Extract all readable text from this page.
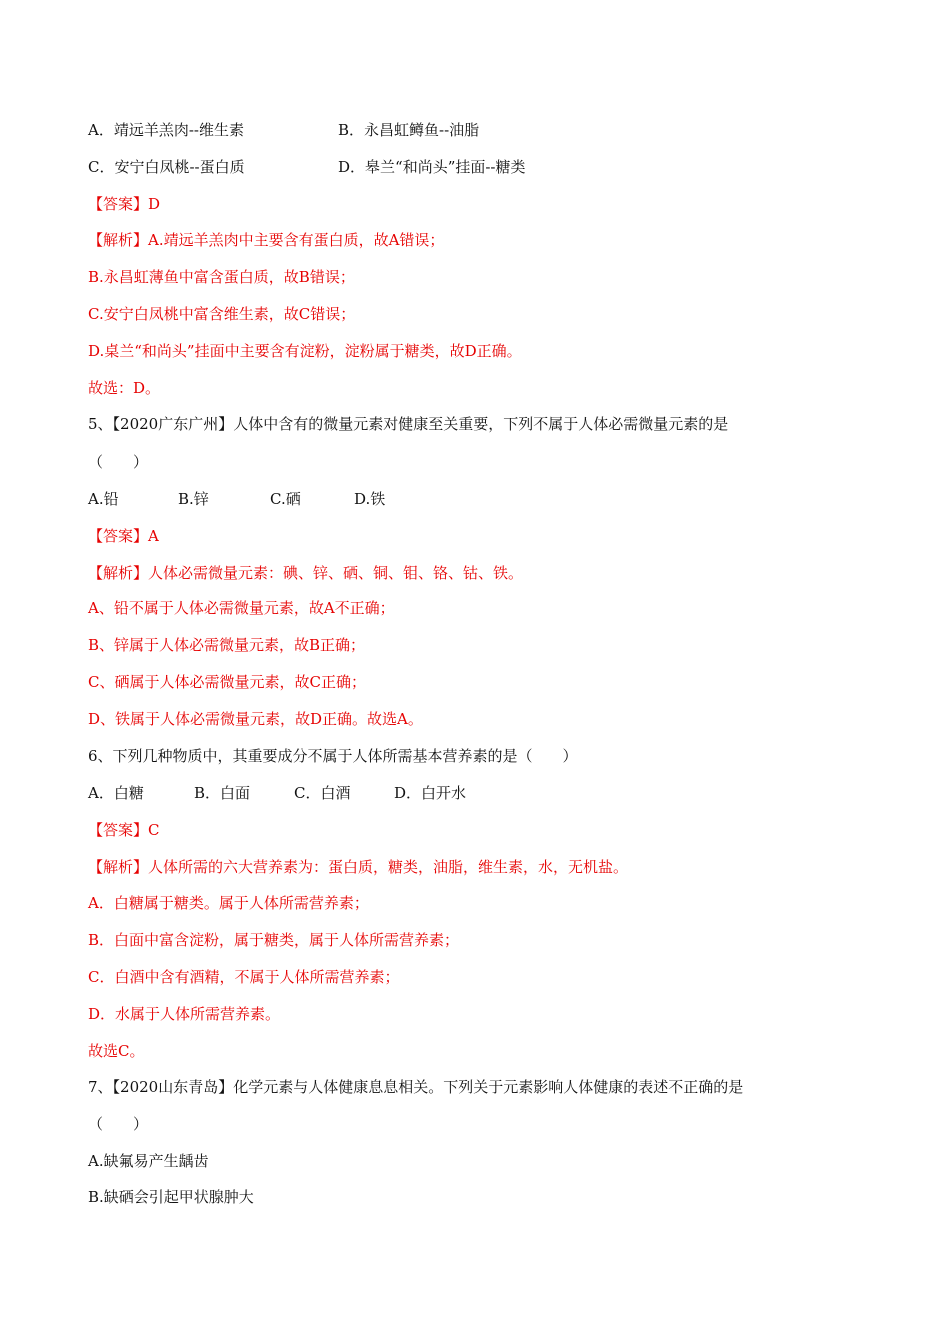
A．靖远羊羔肉--维生素	B．永昌虹鳟鱼--油脂
C．安宁白凤桃--蛋白质	D．皋兰“和尚头”挂面--糖类
【答案】D
【解析】A.靖远羊羔肉中主要含有蛋白质，故A错误；
B.永昌虹薄鱼中富含蛋白质，故B错误；
C.安宁白凤桃中富含维生素，故C错误；
D.桌兰“和尚头”挂面中主要含有淀粉，淀粉属于糖类，故D正确。
故选：D。
5、【2020广东广州】人体中含有的微量元素对健康至关重要，下列不属于人体必需微量元素的是
（　　）
A.铅	B.锌	C.硒	D.铁
【答案】A
【解析】人体必需微量元素：碘、锌、硒、铜、钼、铬、钴、铁。
A、铅不属于人体必需微量元素，故A不正确；
B、锌属于人体必需微量元素，故B正确；
C、硒属于人体必需微量元素，故C正确；
D、铁属于人体必需微量元素，故D正确。故选A。
6、下列几种物质中，其重要成分不属于人体所需基本营养素的是（　　）
A．白糖	B．白面	C．白酒	D．白开水
【答案】C
【解析】人体所需的六大营养素为：蛋白质，糖类，油脂，维生素，水，无机盐。
A．白糖属于糖类。属于人体所需营养素；
B．白面中富含淀粉，属于糖类，属于人体所需营养素；
C．白酒中含有酒精，不属于人体所需营养素；
D．水属于人体所需营养素。
故选C。
7、【2020山东青岛】化学元素与人体健康息息相关。下列关于元素影响人体健康的表述不正确的是
（　　）
A.缺氟易产生龋齿
B.缺硒会引起甲状腺肿大
